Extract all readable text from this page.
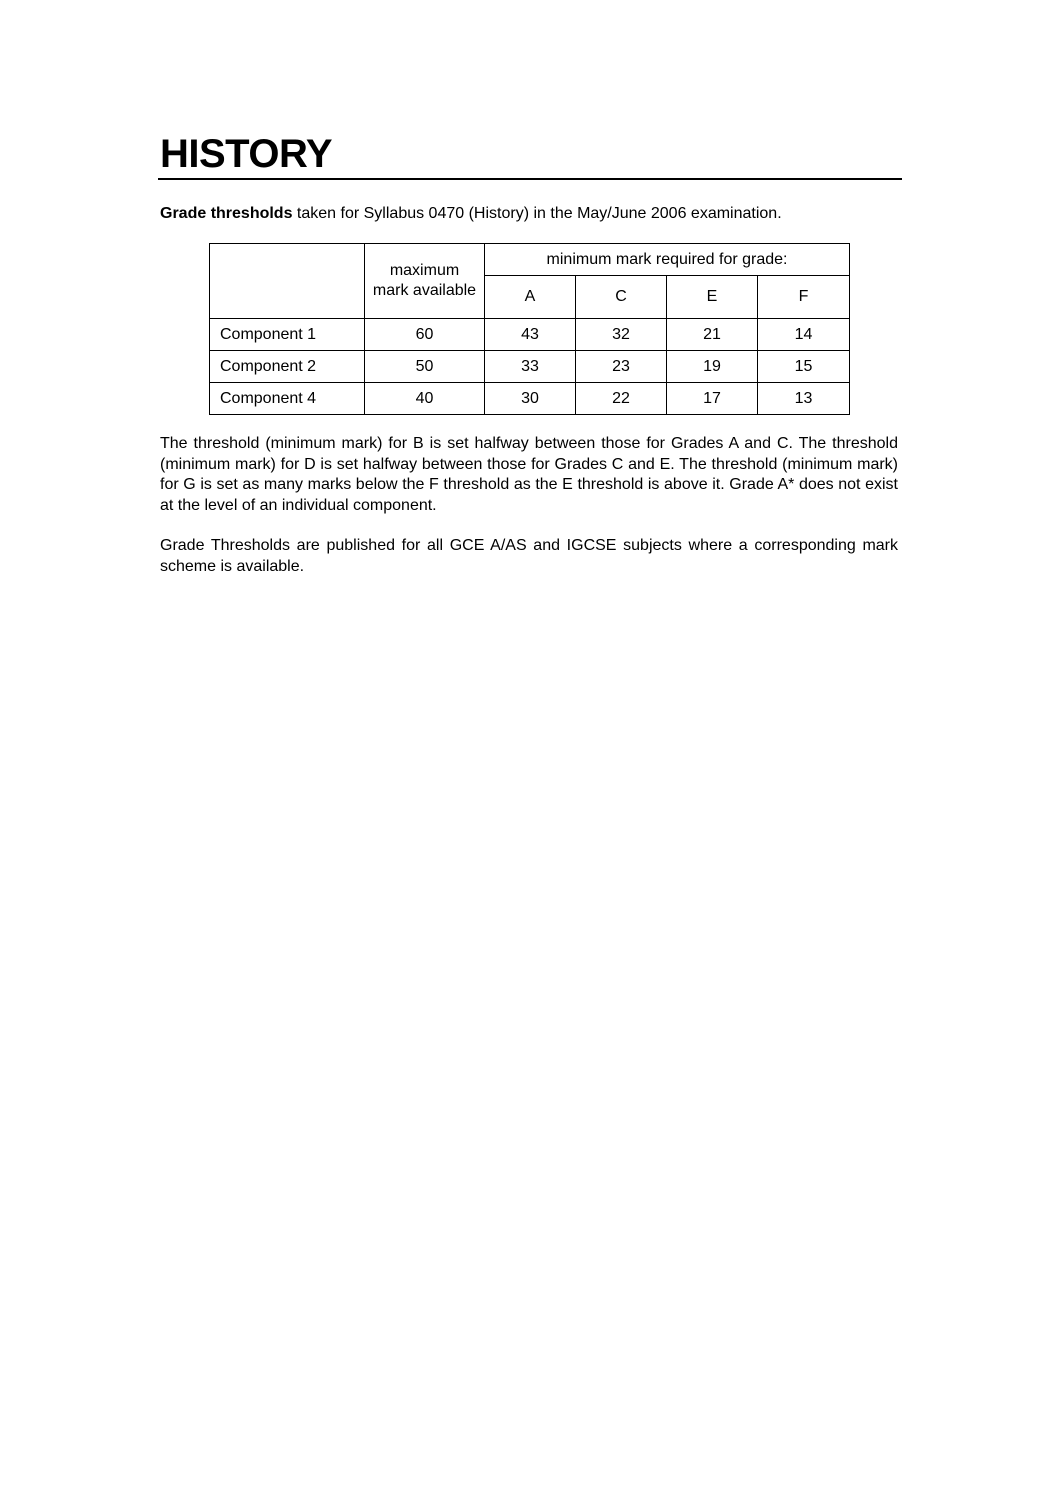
HISTORY

Grade thresholds taken for Syllabus 0470 (History) in the May/June 2006 examination.

	maximum mark available	minimum mark required for grade:			
		A	C	E	F
Component 1	60	43	32	21	14
Component 2	50	33	23	19	15
Component 4	40	30	22	17	13

The threshold (minimum mark) for B is set halfway between those for Grades A and C. The threshold (minimum mark) for D is set halfway between those for Grades C and E. The threshold (minimum mark) for G is set as many marks below the F threshold as the E threshold is above it. Grade A* does not exist at the level of an individual component.

Grade Thresholds are published for all GCE A/AS and IGCSE subjects where a corresponding mark scheme is available.
